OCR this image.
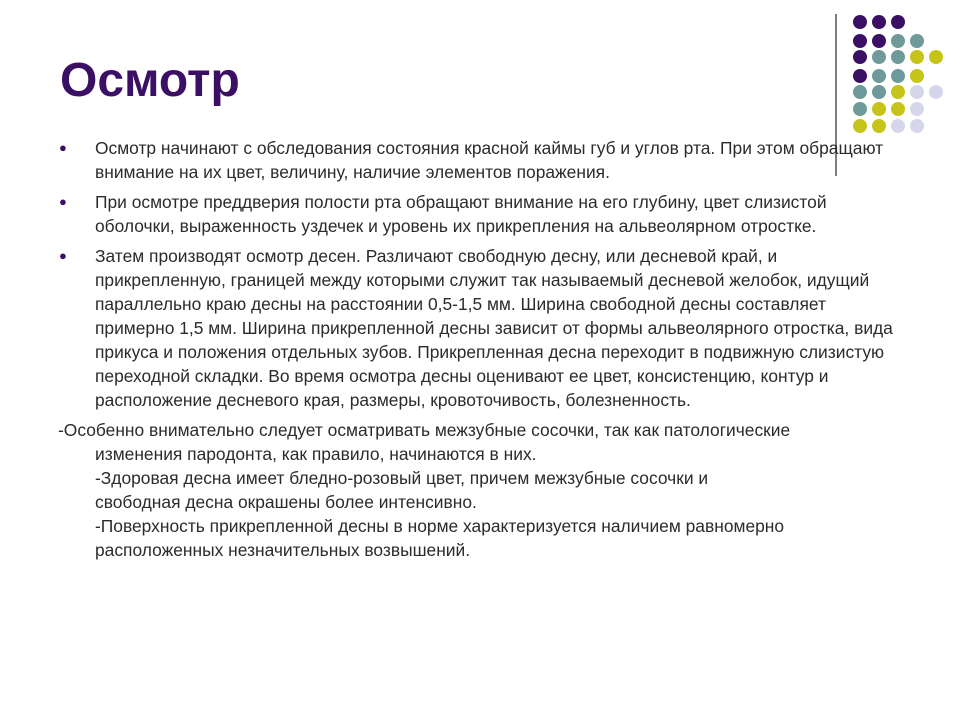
Осмотр
● Осмотр начинают с обследования состояния красной каймы губ и углов рта. При этом обращают внимание на их цвет, величину, наличие элементов поражения.
● При осмотре преддверия полости рта обращают внимание на его глубину, цвет слизистой оболочки, выраженность уздечек и уровень их прикрепления на альвеолярном отростке.
● Затем производят осмотр десен. Различают свободную десну, или десневой край, и прикрепленную, границей между которыми служит так называемый десневой желобок, идущий параллельно краю десны на расстоянии 0,5-1,5 мм. Ширина свободной десны составляет примерно 1,5 мм. Ширина прикрепленной десны зависит от формы альвеолярного отростка, вида прикуса и положения отдельных зубов. Прикрепленная десна переходит в подвижную слизистую переходной складки. Во время осмотра десны оценивают ее цвет, консистенцию, контур и расположение десневого края, размеры, кровоточивость, болезненность.
-Особенно внимательно следует осматривать межзубные сосочки, так как патологические
изменения пародонта, как правило, начинаются в них.
-Здоровая десна имеет бледно-розовый цвет, причем межзубные сосочки и
свободная десна окрашены более интенсивно.
-Поверхность прикрепленной десны в норме характеризуется наличием равномерно
расположенных незначительных возвышений.
